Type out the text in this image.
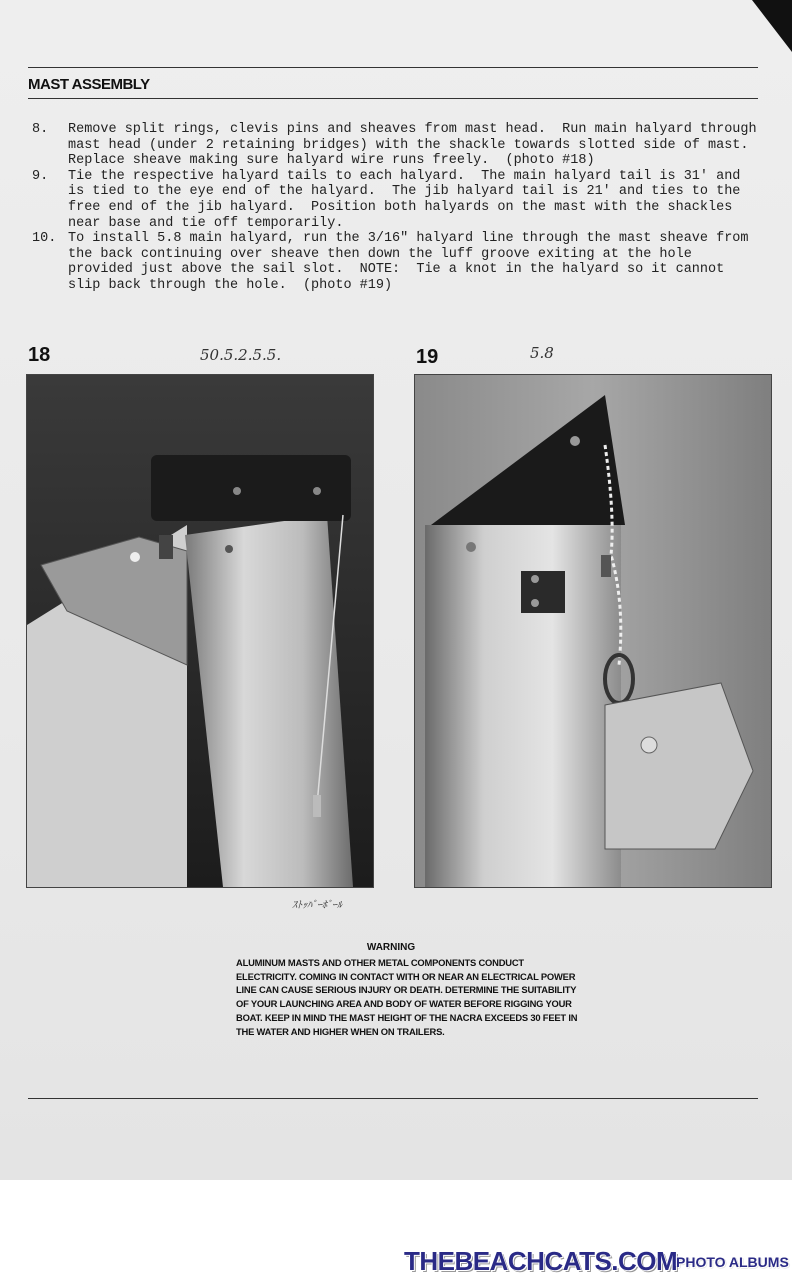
MAST ASSEMBLY
8.	Remove split rings, clevis pins and sheaves from mast head.  Run main halyard through mast head (under 2 retaining bridges) with the shackle towards slotted side of mast.  Replace sheave making sure halyard wire runs freely.  (photo #18)
9.	Tie the respective halyard tails to each halyard.  The main halyard tail is 31' and is tied to the eye end of the halyard.  The jib halyard tail is 21' and ties to the free end of the jib halyard.  Position both halyards on the mast with the shackles near base and tie off temporarily.
10. To install 5.8 main halyard, run the 3/16" halyard line through the mast sheave from the back continuing over sheave then down the luff groove exiting at the hole provided just above the sail slot.  NOTE:  Tie a knot in the halyard so it cannot slip back through the hole.  (photo #19)
18	50.5.2.5.5.	19	5.8
ｽﾄｯﾊﾟｰﾎﾞｰﾙ
WARNING
ALUMINUM MASTS AND OTHER METAL COMPONENTS CONDUCT ELECTRICITY. COMING IN CONTACT WITH OR NEAR AN ELECTRICAL POWER LINE CAN CAUSE SERIOUS INJURY OR DEATH. DETERMINE THE SUITABILITY OF YOUR LAUNCHING AREA AND BODY OF WATER BEFORE RIGGING YOUR BOAT. KEEP IN MIND THE MAST HEIGHT OF THE NACRA EXCEEDS 30 FEET IN THE WATER AND HIGHER WHEN ON TRAILERS.
THEBEACHCATS.COM
PHOTO ALBUMS
